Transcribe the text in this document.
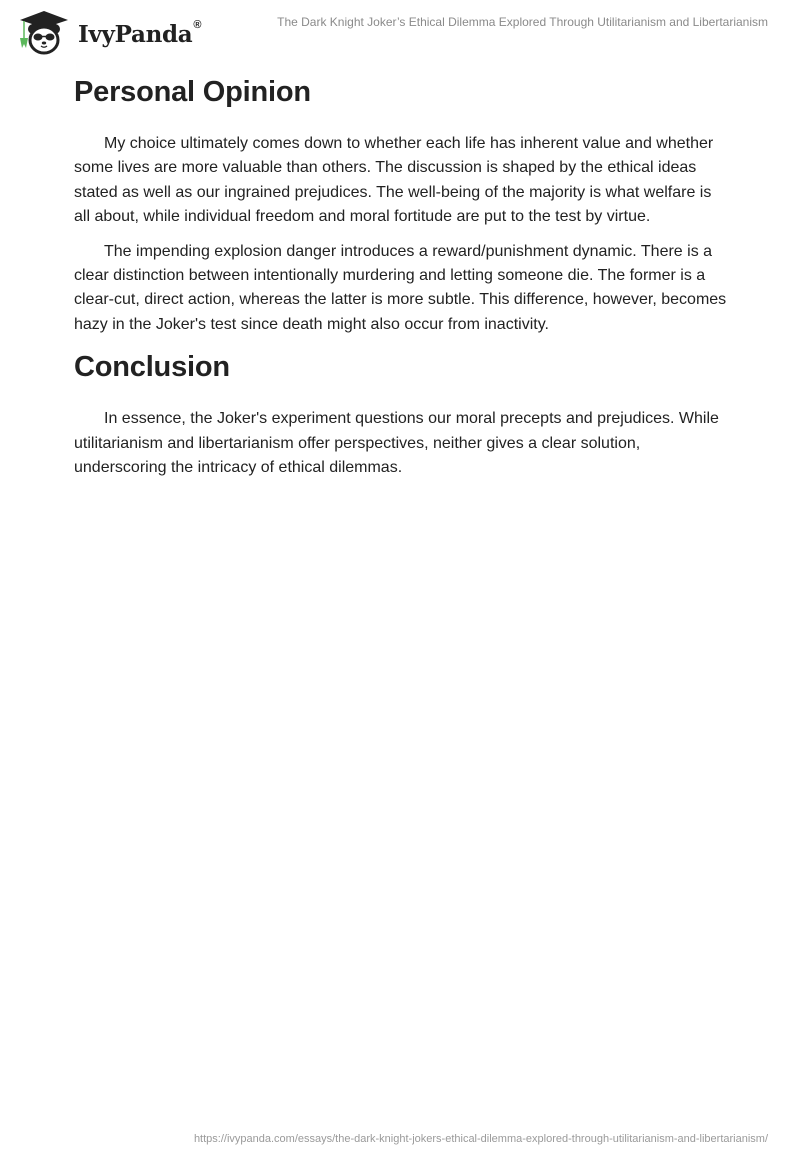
IvyPanda®	The Dark Knight Joker’s Ethical Dilemma Explored Through Utilitarianism and Libertarianism
Personal Opinion

My choice ultimately comes down to whether each life has inherent value and whether some lives are more valuable than others. The discussion is shaped by the ethical ideas stated as well as our ingrained prejudices. The well-being of the majority is what welfare is all about, while individual freedom and moral fortitude are put to the test by virtue.

The impending explosion danger introduces a reward/punishment dynamic. There is a clear distinction between intentionally murdering and letting someone die. The former is a clear-cut, direct action, whereas the latter is more subtle. This difference, however, becomes hazy in the Joker's test since death might also occur from inactivity.

Conclusion

In essence, the Joker's experiment questions our moral precepts and prejudices. While utilitarianism and libertarianism offer perspectives, neither gives a clear solution, underscoring the intricacy of ethical dilemmas.

https://ivypanda.com/essays/the-dark-knight-jokers-ethical-dilemma-explored-through-utilitarianism-and-libertarianism/
